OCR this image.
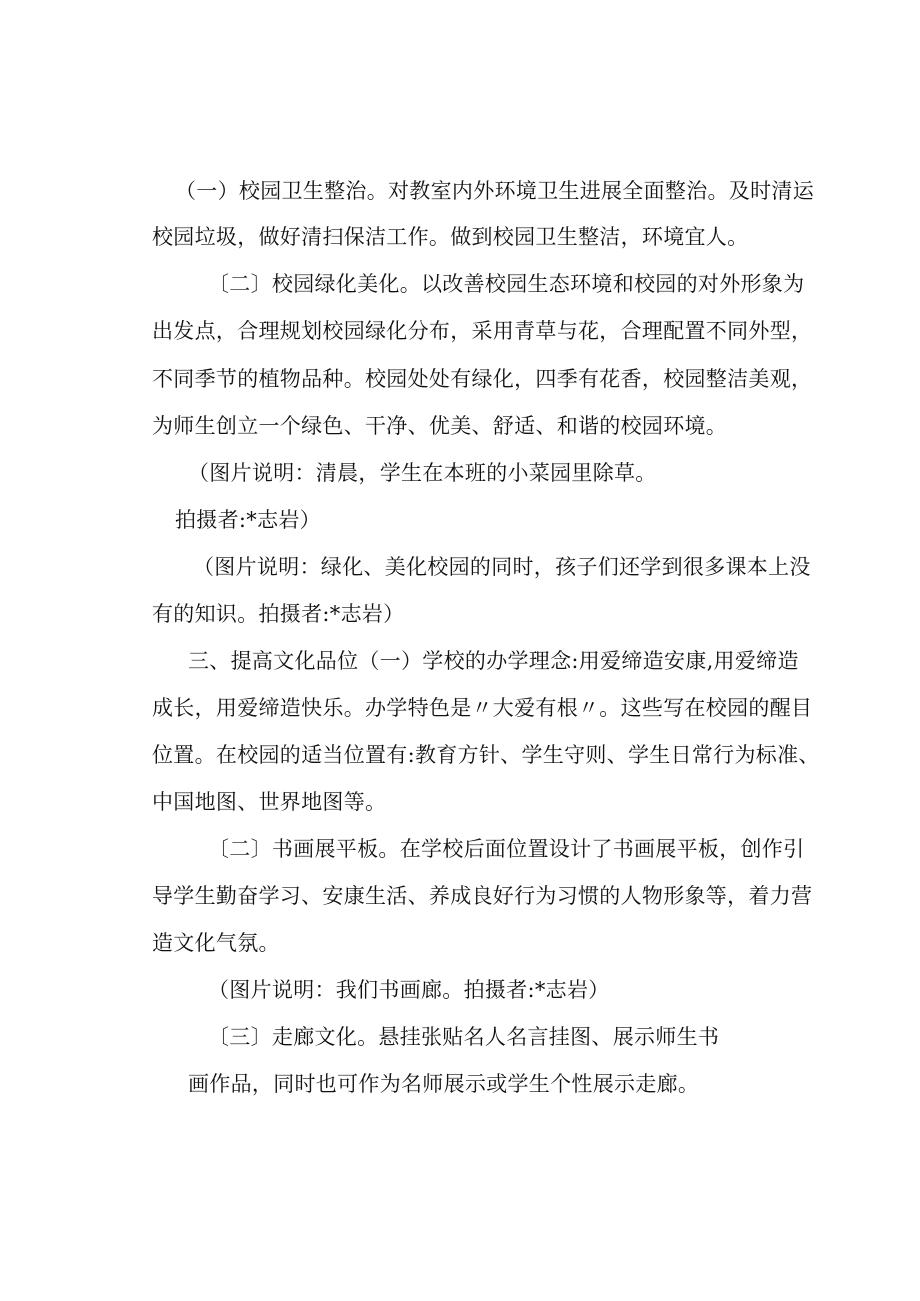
（一）校园卫生整治。对教室内外环境卫生进展全面整治。及时清运
校园垃圾，做好清扫保洁工作。做到校园卫生整洁，环境宜人。
〔二〕校园绿化美化。以改善校园生态环境和校园的对外形象为
出发点，合理规划校园绿化分布，采用青草与花，合理配置不同外型，
不同季节的植物品种。校园处处有绿化，四季有花香，校园整洁美观，
为师生创立一个绿色、干净、优美、舒适、和谐的校园环境。
（图片说明：清晨，学生在本班的小菜园里除草。
拍摄者:*志岩）
（图片说明：绿化、美化校园的同时，孩子们还学到很多课本上没
有的知识。拍摄者:*志岩）
三、提高文化品位（一）学校的办学理念:用爱缔造安康,用爱缔造
成长，用爱缔造快乐。办学特色是〃大爱有根〃。这些写在校园的醒目
位置。在校园的适当位置有:教育方针、学生守则、学生日常行为标准、
中国地图、世界地图等。
〔二〕书画展平板。在学校后面位置设计了书画展平板，创作引
导学生勤奋学习、安康生活、养成良好行为习惯的人物形象等，着力营
造文化气氛。
（图片说明：我们书画廊。拍摄者:*志岩）
〔三〕走廊文化。悬挂张贴名人名言挂图、展示师生书
画作品，同时也可作为名师展示或学生个性展示走廊。
